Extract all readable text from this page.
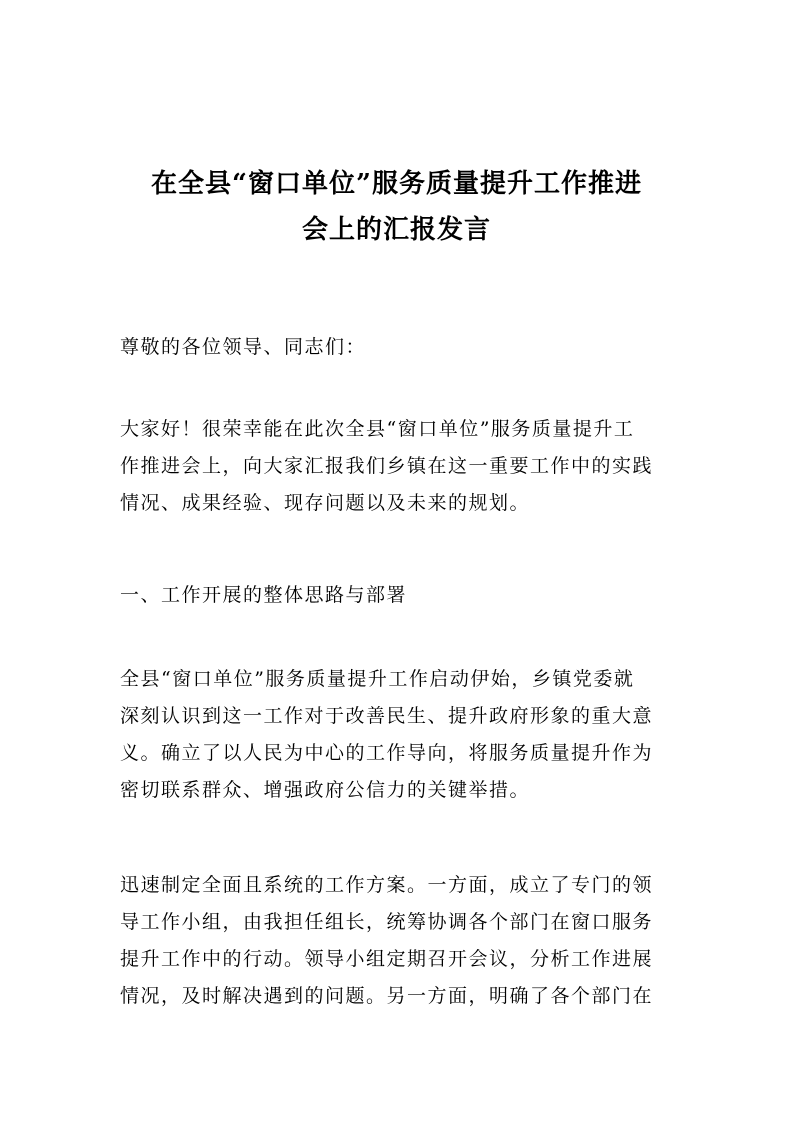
在全县“窗口单位”服务质量提升工作推进
会上的汇报发言

尊敬的各位领导、同志们：

大家好！很荣幸能在此次全县“窗口单位”服务质量提升工
作推进会上，向大家汇报我们乡镇在这一重要工作中的实践
情况、成果经验、现存问题以及未来的规划。

一、工作开展的整体思路与部署

全县“窗口单位”服务质量提升工作启动伊始，乡镇党委就
深刻认识到这一工作对于改善民生、提升政府形象的重大意
义。确立了以人民为中心的工作导向，将服务质量提升作为
密切联系群众、增强政府公信力的关键举措。

迅速制定全面且系统的工作方案。一方面，成立了专门的领
导工作小组，由我担任组长，统筹协调各个部门在窗口服务
提升工作中的行动。领导小组定期召开会议，分析工作进展
情况，及时解决遇到的问题。另一方面，明确了各个部门在
